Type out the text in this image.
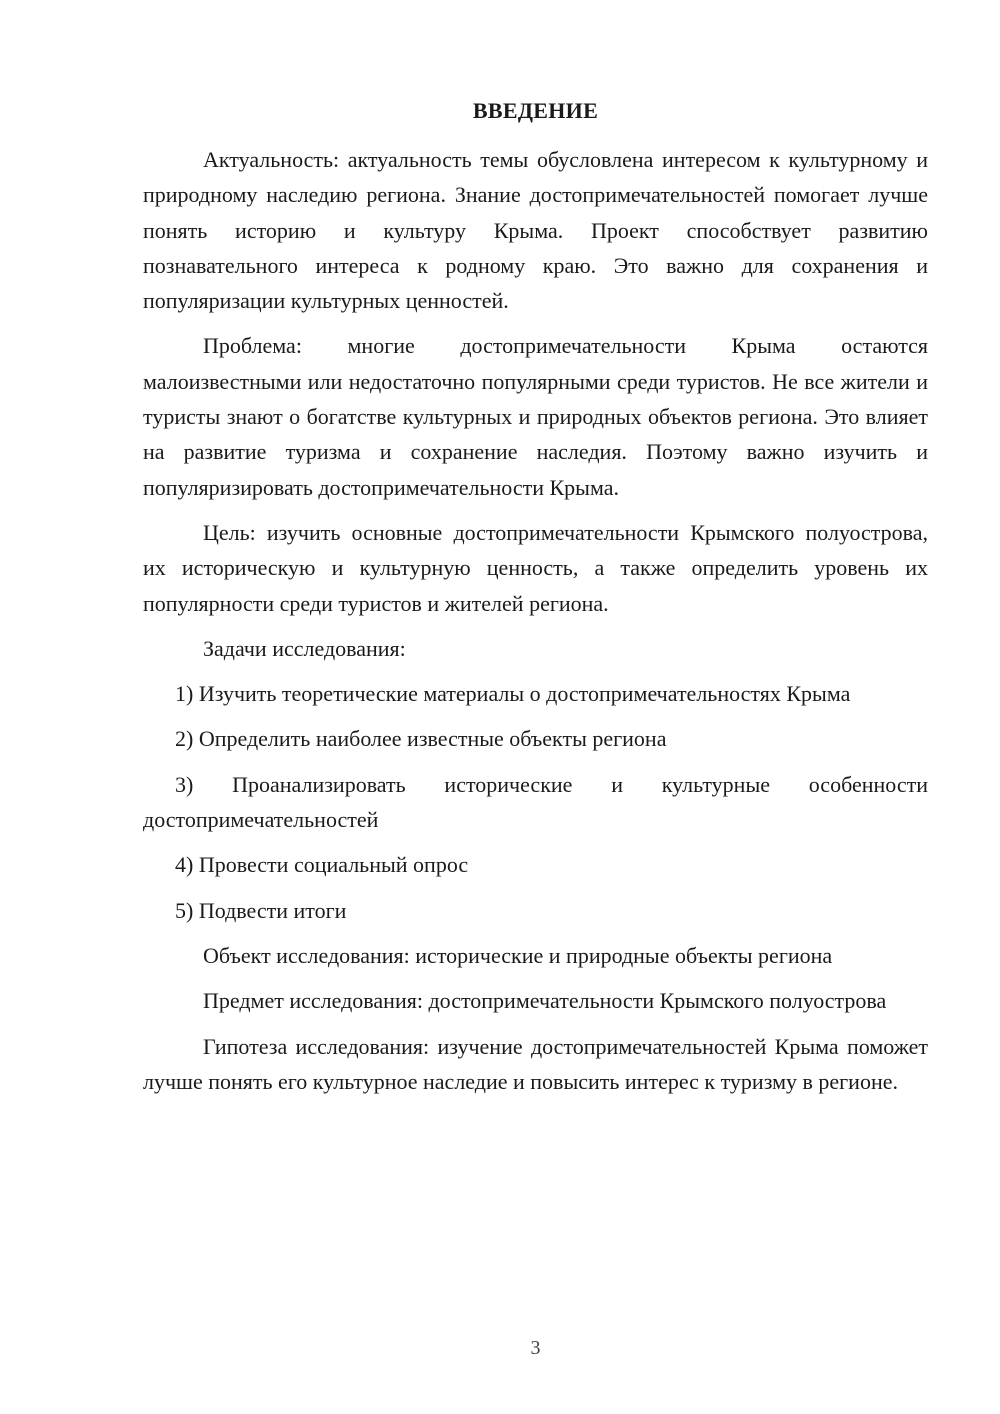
ВВЕДЕНИЕ

Актуальность: актуальность темы обусловлена интересом к культурному и природному наследию региона. Знание достопримечательностей помогает лучше понять историю и культуру Крыма. Проект способствует развитию познавательного интереса к родному краю. Это важно для сохранения и популяризации культурных ценностей.

Проблема: многие достопримечательности Крыма остаются малоизвестными или недостаточно популярными среди туристов. Не все жители и туристы знают о богатстве культурных и природных объектов региона. Это влияет на развитие туризма и сохранение наследия. Поэтому важно изучить и популяризировать достопримечательности Крыма.

Цель: изучить основные достопримечательности Крымского полуострова, их историческую и культурную ценность, а также определить уровень их популярности среди туристов и жителей региона.

Задачи исследования:

1) Изучить теоретические материалы о достопримечательностях Крыма

2) Определить наиболее известные объекты региона

3) Проанализировать исторические и культурные особенности достопримечательностей

4) Провести социальный опрос

5) Подвести итоги

Объект исследования: исторические и природные объекты региона

Предмет исследования: достопримечательности Крымского полуострова

Гипотеза исследования: изучение достопримечательностей Крыма поможет лучше понять его культурное наследие и повысить интерес к туризму в регионе.

3
